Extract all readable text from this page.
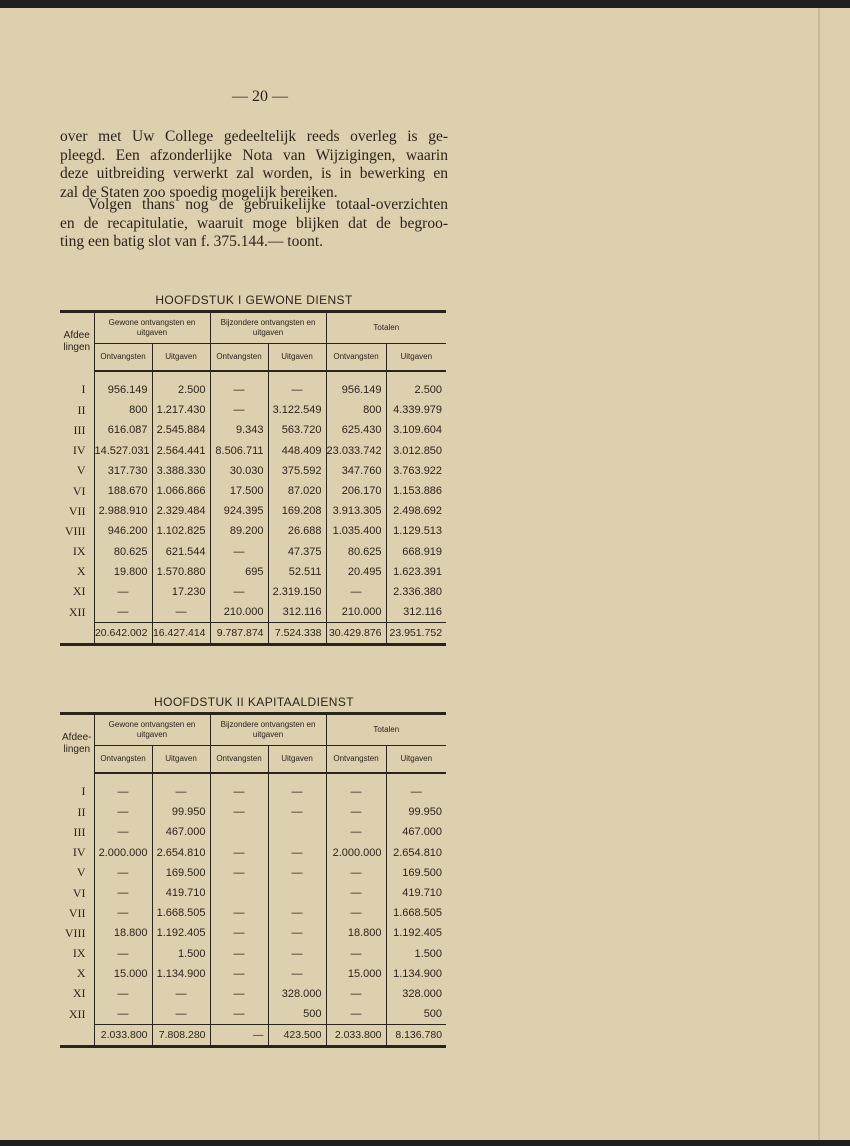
— 20 —
over met Uw College gedeeltelijk reeds overleg is ge-
pleegd. Een afzonderlijke Nota van Wijzigingen, waarin
deze uitbreiding verwerkt zal worden, is in bewerking en
zal de Staten zoo spoedig mogelijk bereiken.
Volgen thans nog de gebruikelijke totaal-overzichten
en de recapitulatie, waaruit moge blijken dat de begroo-
ting een batig slot van f. 375.144.— toont.
HOOFDSTUK I GEWONE DIENST
Afdee lingen	Gewone ontvangsten en uitgaven		Bijzondere ontvangsten en uitgaven		Totalen	
	Ontvangsten	Uitgaven	Ontvangsten	Uitgaven	Ontvangsten	Uitgaven
I	956.149	2.500	—	—	956.149	2.500
II	800	1.217.430	—	3.122.549	800	4.339.979
III	616.087	2.545.884	9.343	563.720	625.430	3.109.604
IV	14.527.031	2.564.441	8.506.711	448.409	23.033.742	3.012.850
V	317.730	3.388.330	30.030	375.592	347.760	3.763.922
VI	188.670	1.066.866	17.500	87.020	206.170	1.153.886
VII	2.988.910	2.329.484	924.395	169.208	3.913.305	2.498.692
VIII	946.200	1.102.825	89.200	26.688	1.035.400	1.129.513
IX	80.625	621.544	—	47.375	80.625	668.919
X	19.800	1.570.880	695	52.511	20.495	1.623.391
XI	—	17.230	—	2.319.150	—	2.336.380
XII	—	—	210.000	312.116	210.000	312.116
	20.642.002	16.427.414	9.787.874	7.524.338	30.429.876	23.951.752
HOOFDSTUK II KAPITAALDIENST
Afdee- lingen	Gewone ontvangsten en uitgaven		Bijzondere ontvangsten en uitgaven		Totalen	
	Ontvangsten	Uitgaven	Ontvangsten	Uitgaven	Ontvangsten	Uitgaven
I	—	—	—	—	—	—
II	—	99.950	—	—	—	99.950
III	—	467.000			—	467.000
IV	2.000.000	2.654.810	—	—	2.000.000	2.654.810
V	—	169.500	—	—	—	169.500
VI	—	419.710			—	419.710
VII	—	1.668.505	—	—	—	1.668.505
VIII	18.800	1.192.405	—	—	18.800	1.192.405
IX	—	1.500	—	—	—	1.500
X	15.000	1.134.900	—	—	15.000	1.134.900
XI	—	—	—	328.000	—	328.000
XII	—	—	—	500	—	500
	2.033.800	7.808.280	—	423.500	2.033.800	8.136.780
